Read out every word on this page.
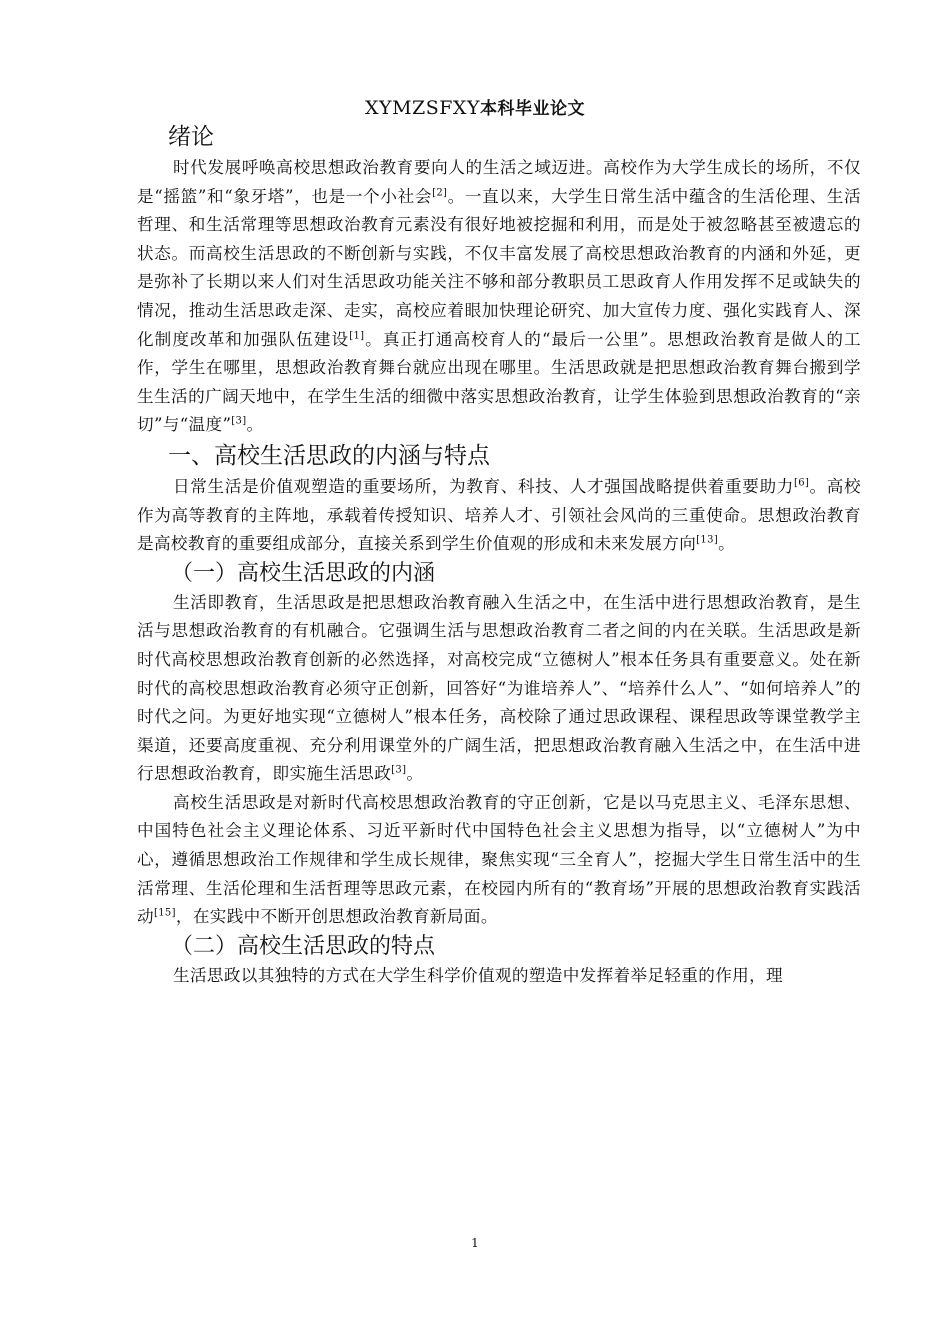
XYMZSFXY本科毕业论文
绪论

时代发展呼唤高校思想政治教育要向人的生活之域迈进。高校作为大学生成长的场所，不仅是“摇篮”和“象牙塔”，也是一个小社会[2]。一直以来，大学生日常生活中蕴含的生活伦理、生活哲理、和生活常理等思想政治教育元素没有很好地被挖掘和利用，而是处于被忽略甚至被遗忘的状态。而高校生活思政的不断创新与实践，不仅丰富发展了高校思想政治教育的内涵和外延，更是弥补了长期以来人们对生活思政功能关注不够和部分教职员工思政育人作用发挥不足或缺失的情况，推动生活思政走深、走实，高校应着眼加快理论研究、加大宣传力度、强化实践育人、深化制度改革和加强队伍建设[1]。真正打通高校育人的“最后一公里”。思想政治教育是做人的工作，学生在哪里，思想政治教育舞台就应出现在哪里。生活思政就是把思想政治教育舞台搬到学生生活的广阔天地中，在学生生活的细微中落实思想政治教育，让学生体验到思想政治教育的“亲切”与“温度”[3]。

一、高校生活思政的内涵与特点

日常生活是价值观塑造的重要场所，为教育、科技、人才强国战略提供着重要助力[6]。高校作为高等教育的主阵地，承载着传授知识、培养人才、引领社会风尚的三重使命。思想政治教育是高校教育的重要组成部分，直接关系到学生价值观的形成和未来发展方向[13]。

（一）高校生活思政的内涵

生活即教育，生活思政是把思想政治教育融入生活之中，在生活中进行思想政治教育，是生活与思想政治教育的有机融合。它强调生活与思想政治教育二者之间的内在关联。生活思政是新时代高校思想政治教育创新的必然选择，对高校完成“立德树人”根本任务具有重要意义。处在新时代的高校思想政治教育必须守正创新，回答好“为谁培养人”、“培养什么人”、“如何培养人”的时代之问。为更好地实现“立德树人”根本任务，高校除了通过思政课程、课程思政等课堂教学主渠道，还要高度重视、充分利用课堂外的广阔生活，把思想政治教育融入生活之中，在生活中进行思想政治教育，即实施生活思政[3]。

高校生活思政是对新时代高校思想政治教育的守正创新，它是以马克思主义、毛泽东思想、中国特色社会主义理论体系、习近平新时代中国特色社会主义思想为指导，以“立德树人”为中心，遵循思想政治工作规律和学生成长规律，聚焦实现“三全育人”，挖掘大学生日常生活中的生活常理、生活伦理和生活哲理等思政元素，在校园内所有的“教育场”开展的思想政治教育实践活动[15]，在实践中不断开创思想政治教育新局面。

（二）高校生活思政的特点

生活思政以其独特的方式在大学生科学价值观的塑造中发挥着举足轻重的作用，理

1
